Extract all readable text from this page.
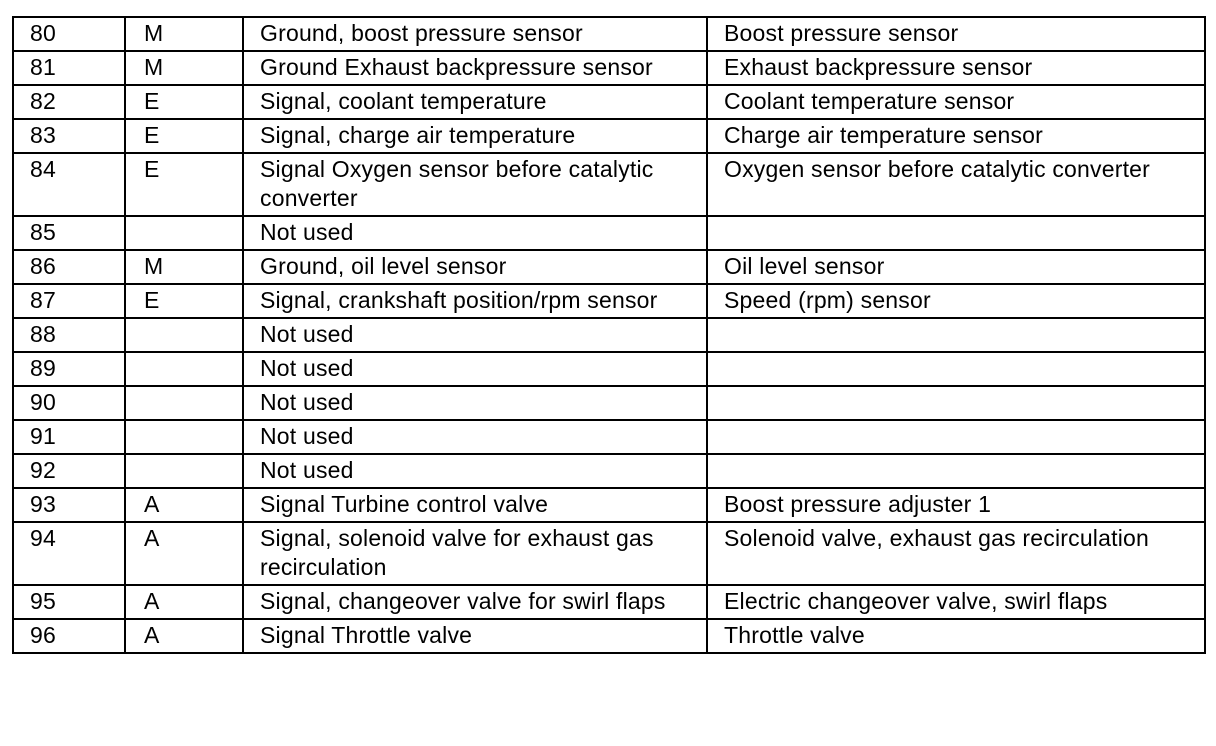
80	M	Ground, boost pressure sensor	Boost pressure sensor
81	M	Ground Exhaust backpressure sensor	Exhaust backpressure sensor
82	E	Signal, coolant temperature	Coolant temperature sensor
83	E	Signal, charge air temperature	Charge air temperature sensor
84	E	Signal Oxygen sensor before catalytic converter	Oxygen sensor before catalytic converter
85		Not used	
86	M	Ground, oil level sensor	Oil level sensor
87	E	Signal, crankshaft position/rpm sensor	Speed (rpm) sensor
88		Not used	
89		Not used	
90		Not used	
91		Not used	
92		Not used	
93	A	Signal Turbine control valve	Boost pressure adjuster 1
94	A	Signal, solenoid valve for exhaust gas recirculation	Solenoid valve, exhaust gas recirculation
95	A	Signal, changeover valve for swirl flaps	Electric changeover valve, swirl flaps
96	A	Signal Throttle valve	Throttle valve
